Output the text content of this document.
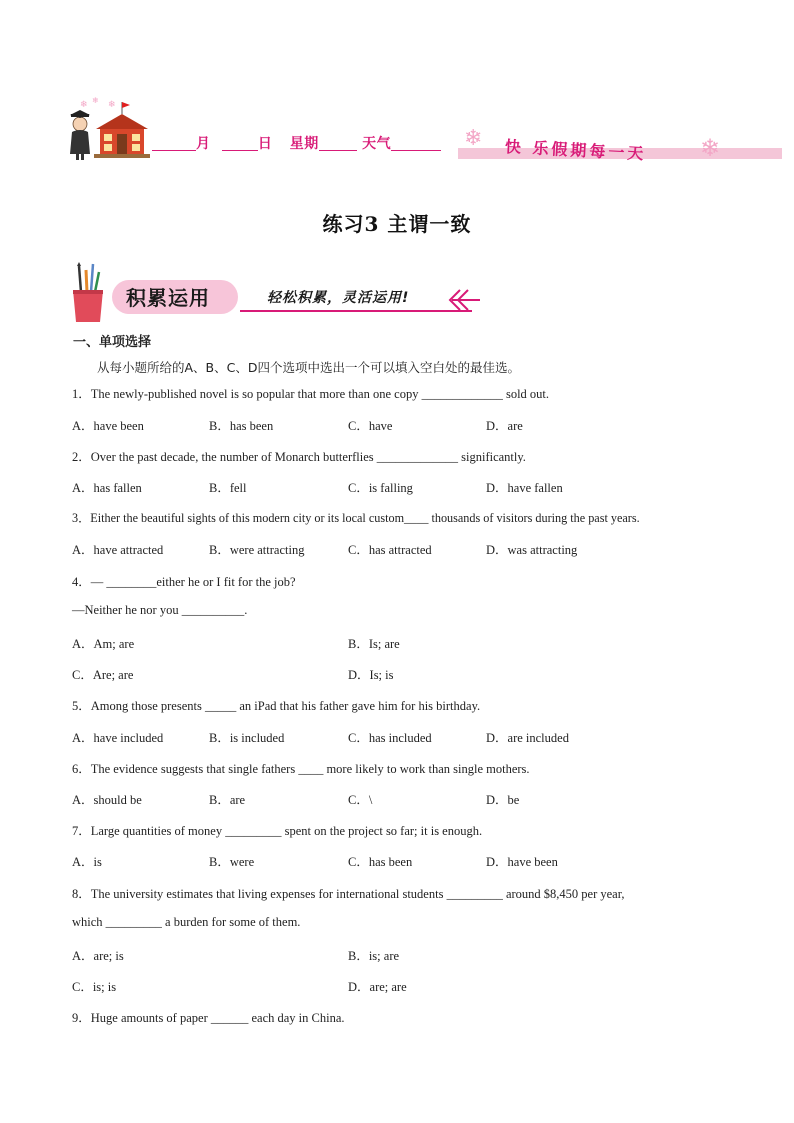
❄ ❄ ❄
月	日 星期	天气	❄ 快 乐假期每一天 ❄
练习3 主谓一致
积累运用	轻松积累，灵活运用!
一、单项选择
从每小题所给的A、B、C、D四个选项中选出一个可以填入空白处的最佳选。
1．The newly-published novel is so popular that more than one copy _____________ sold out.
A．have been	B．has been	C．have	D．are
2．Over the past decade, the number of Monarch butterflies _____________ significantly.
A．has fallen	B．fell	C．is falling	D．have fallen
3．Either the beautiful sights of this modern city or its local custom____ thousands of visitors during the past years.
A．have attracted	B．were attracting	C．has attracted	D．was attracting
4．— ________either he or I fit for the job?
—Neither he nor you __________.
A．Am; are	B．Is; are
C．Are; are	D．Is; is
5．Among those presents _____ an iPad that his father gave him for his birthday.
A．have included	B．is included	C．has included	D．are included
6．The evidence suggests that single fathers ____ more likely to work than single mothers.
A．should be	B．are	C．\	D．be
7．Large quantities of money _________ spent on the project so far; it is enough.
A．is	B．were	C．has been	D．have been
8．The university estimates that living expenses for international students _________ around $8,450 per year,
which _________ a burden for some of them.
A．are; is	B．is; are
C．is; is	D．are; are
9．Huge amounts of paper ______ each day in China.
